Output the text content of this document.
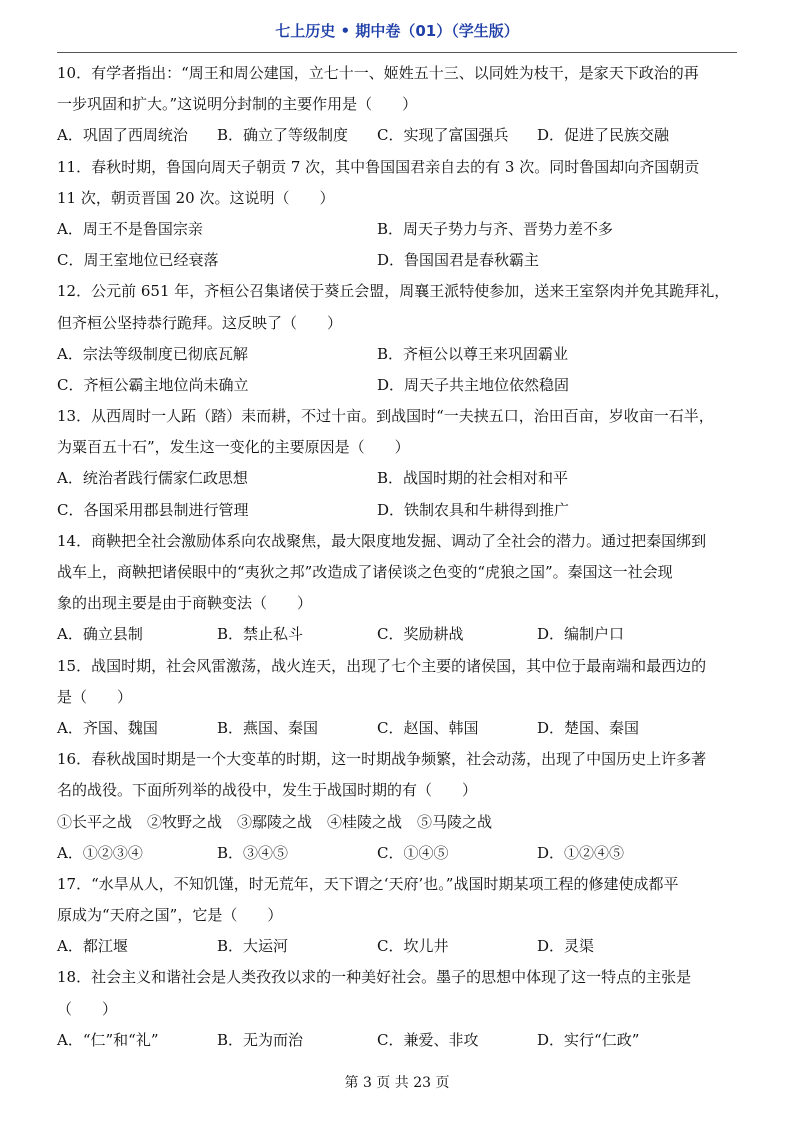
七上历史 • 期中卷（01）（学生版）
10．有学者指出：“周王和周公建国，立七十一、姬姓五十三、以同姓为枝干，是家天下政治的再
一步巩固和扩大。”这说明分封制的主要作用是（　　）
A．巩固了西周统治	B．确立了等级制度	C．实现了富国强兵	D．促进了民族交融
11．春秋时期，鲁国向周天子朝贡 7 次，其中鲁国国君亲自去的有 3 次。同时鲁国却向齐国朝贡
11 次，朝贡晋国 20 次。这说明（　　）
A．周王不是鲁国宗亲	B．周天子势力与齐、晋势力差不多
C．周王室地位已经衰落	D．鲁国国君是春秋霸主
12．公元前 651 年，齐桓公召集诸侯于葵丘会盟，周襄王派特使参加，送来王室祭肉并免其跪拜礼，
但齐桓公坚持恭行跪拜。这反映了（　　）
A．宗法等级制度已彻底瓦解	B．齐桓公以尊王来巩固霸业
C．齐桓公霸主地位尚未确立	D．周天子共主地位依然稳固
13．从西周时一人跖（踏）耒而耕，不过十亩。到战国时“一夫挟五口，治田百亩，岁收亩一石半，
为粟百五十石”，发生这一变化的主要原因是（　　）
A．统治者践行儒家仁政思想	B．战国时期的社会相对和平
C．各国采用郡县制进行管理	D．铁制农具和牛耕得到推广
14．商鞅把全社会激励体系向农战聚焦，最大限度地发掘、调动了全社会的潜力。通过把秦国绑到
战车上，商鞅把诸侯眼中的“夷狄之邦”改造成了诸侯谈之色变的“虎狼之国”。秦国这一社会现
象的出现主要是由于商鞅变法（　　）
A．确立县制	B．禁止私斗	C．奖励耕战	D．编制户口
15．战国时期，社会风雷激荡，战火连天，出现了七个主要的诸侯国，其中位于最南端和最西边的
是（　　）
A．齐国、魏国	B．燕国、秦国	C．赵国、韩国	D．楚国、秦国
16．春秋战国时期是一个大变革的时期，这一时期战争频繁，社会动荡，出现了中国历史上许多著
名的战役。下面所列举的战役中，发生于战国时期的有（　　）
①长平之战　②牧野之战　③鄢陵之战　④桂陵之战　⑤马陵之战
A．①②③④	B．③④⑤	C．①④⑤	D．①②④⑤
17．“水旱从人，不知饥馑，时无荒年，天下谓之‘天府’也。”战国时期某项工程的修建使成都平
原成为“天府之国”，它是（　　）
A．都江堰	B．大运河	C．坎儿井	D．灵渠
18．社会主义和谐社会是人类孜孜以求的一种美好社会。墨子的思想中体现了这一特点的主张是
（　　）
A．“仁”和“礼”	B．无为而治	C．兼爱、非攻	D．实行“仁政”
第 3 页 共 23 页
